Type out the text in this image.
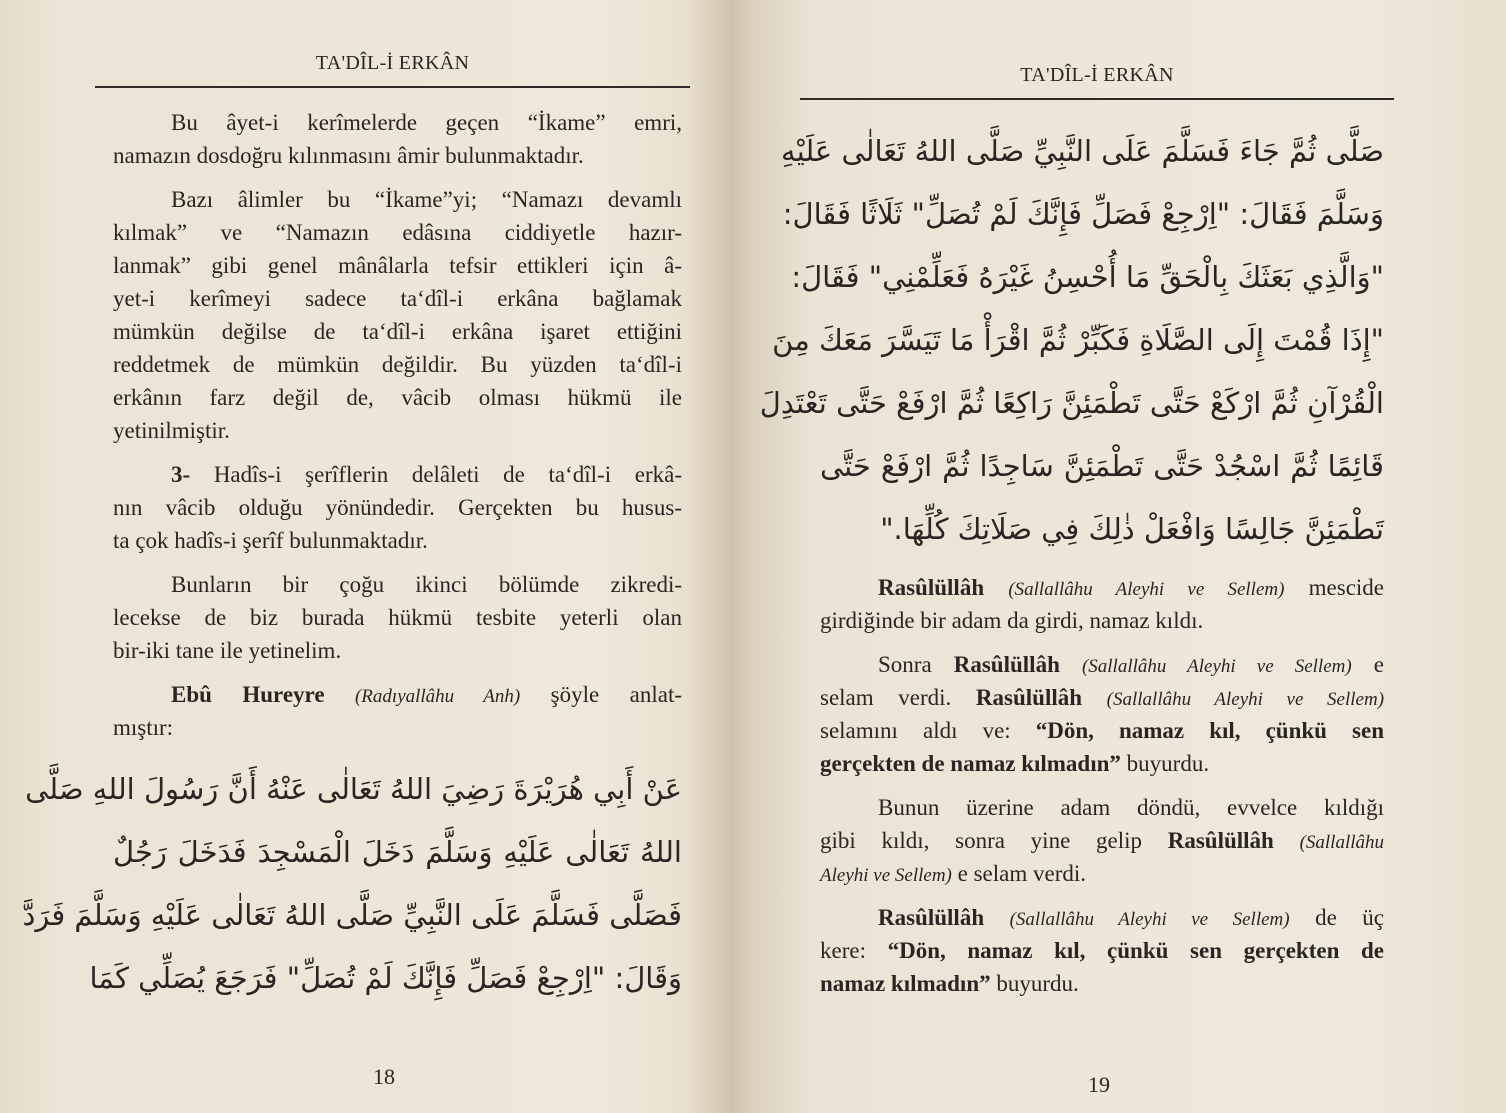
TA'DÎL-İ ERKÂN
Bu âyet-i kerîmelerde geçen “İkame” emri,
namazın dosdoğru kılınmasını âmir bulunmaktadır.
Bazı âlimler bu “İkame”yi; “Namazı devamlı
kılmak” ve “Namazın edâsına ciddiyetle hazır-
lanmak” gibi genel mânâlarla tefsir ettikleri için â-
yet-i kerîmeyi sadece ta‘dîl-i erkâna bağlamak
mümkün değilse de ta‘dîl-i erkâna işaret ettiğini
reddetmek de mümkün değildir. Bu yüzden ta‘dîl-i
erkânın farz değil de, vâcib olması hükmü ile
yetinilmiştir.
3- Hadîs-i şerîflerin delâleti de ta‘dîl-i erkâ-
nın vâcib olduğu yönündedir. Gerçekten bu husus-
ta çok hadîs-i şerîf bulunmaktadır.
Bunların bir çoğu ikinci bölümde zikredi-
lecekse de biz burada hükmü tesbite yeterli olan
bir-iki tane ile yetinelim.
Ebû Hureyre (Radıyallâhu Anh) şöyle anlat-
mıştır:
عَنْ أَبِي هُرَيْرَةَ رَضِيَ اللهُ تَعَالٰى عَنْهُ أَنَّ رَسُولَ اللهِ صَلَّى
اللهُ تَعَالٰى عَلَيْهِ وَسَلَّمَ دَخَلَ الْمَسْجِدَ فَدَخَلَ رَجُلٌ
فَصَلَّى فَسَلَّمَ عَلَى النَّبِيِّ صَلَّى اللهُ تَعَالٰى عَلَيْهِ وَسَلَّمَ فَرَدَّ
وَقَالَ: "اِرْجِعْ فَصَلِّ فَإِنَّكَ لَمْ تُصَلِّ" فَرَجَعَ يُصَلِّي كَمَا
18
TA'DÎL-İ ERKÂN
صَلَّى ثُمَّ جَاءَ فَسَلَّمَ عَلَى النَّبِيِّ صَلَّى اللهُ تَعَالٰى عَلَيْهِ
وَسَلَّمَ فَقَالَ: "اِرْجِعْ فَصَلِّ فَإِنَّكَ لَمْ تُصَلِّ" ثَلَاثًا فَقَالَ:
"وَالَّذِي بَعَثَكَ بِالْحَقِّ مَا أُحْسِنُ غَيْرَهُ فَعَلِّمْنِي" فَقَالَ:
"إِذَا قُمْتَ إِلَى الصَّلَاةِ فَكَبِّرْ ثُمَّ اقْرَأْ مَا تَيَسَّرَ مَعَكَ مِنَ
الْقُرْآنِ ثُمَّ ارْكَعْ حَتَّى تَطْمَئِنَّ رَاكِعًا ثُمَّ ارْفَعْ حَتَّى تَعْتَدِلَ
قَائِمًا ثُمَّ اسْجُدْ حَتَّى تَطْمَئِنَّ سَاجِدًا ثُمَّ ارْفَعْ حَتَّى
تَطْمَئِنَّ جَالِسًا وَافْعَلْ ذٰلِكَ فِي صَلَاتِكَ كُلِّهَا."
Rasûlüllâh (Sallallâhu Aleyhi ve Sellem) mescide
girdiğinde bir adam da girdi, namaz kıldı.
Sonra Rasûlüllâh (Sallallâhu Aleyhi ve Sellem) e
selam verdi. Rasûlüllâh (Sallallâhu Aleyhi ve Sellem)
selamını aldı ve: “Dön, namaz kıl, çünkü sen
gerçekten de namaz kılmadın” buyurdu.
Bunun üzerine adam döndü, evvelce kıldığı
gibi kıldı, sonra yine gelip Rasûlüllâh (Sallallâhu
Aleyhi ve Sellem) e selam verdi.
Rasûlüllâh (Sallallâhu Aleyhi ve Sellem) de üç
kere: “Dön, namaz kıl, çünkü sen gerçekten de
namaz kılmadın” buyurdu.
19
